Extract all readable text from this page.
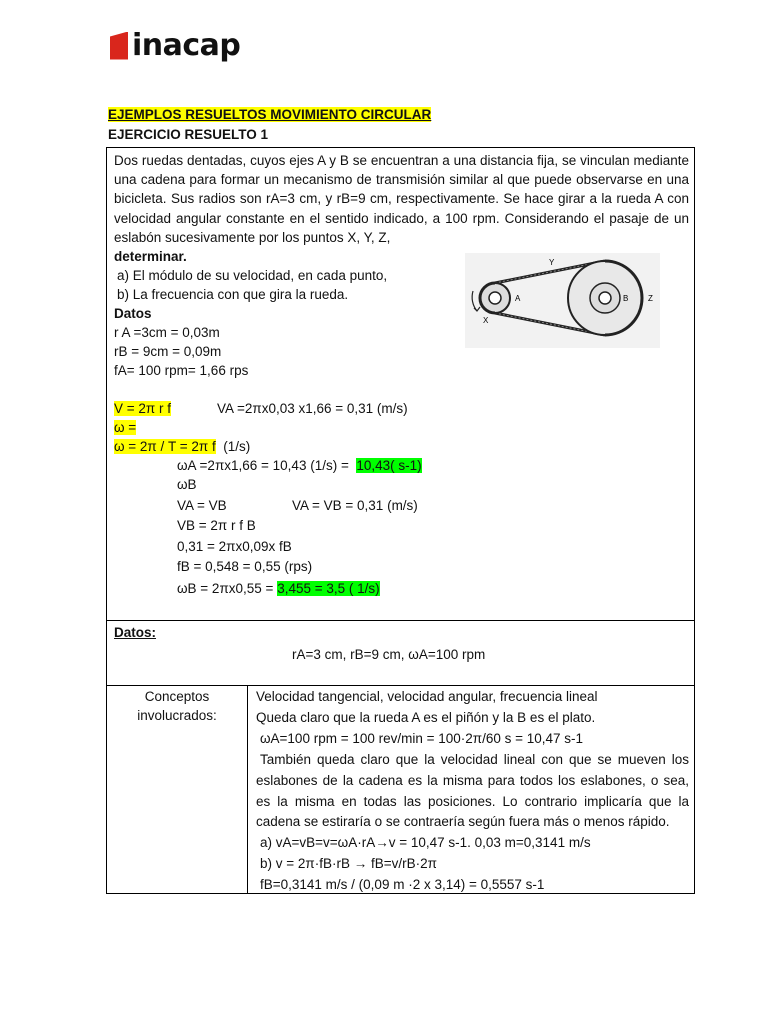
inacap
EJEMPLOS RESUELTOS MOVIMIENTO CIRCULAR
EJERCICIO RESUELTO 1
Dos ruedas dentadas, cuyos ejes A y B se encuentran a una distancia fija, se vinculan mediante una cadena para formar un mecanismo de transmisión similar al que puede observarse en una bicicleta. Sus radios son rA=3 cm, y rB=9 cm, respectivamente. Se hace girar a la rueda A con velocidad angular constante en el sentido indicado, a 100 rpm. Considerando el pasaje de un eslabón sucesivamente por los puntos X, Y, Z,
determinar.
a) El módulo de su velocidad, en cada punto,
b) La frecuencia con que gira la rueda.
Datos
r A =3cm = 0,03m
rB = 9cm = 0,09m
fA= 100 rpm= 1,66 rps
V = 2π r f	VA =2πx0,03 x1,66 = 0,31 (m/s)
ω =
ω = 2π / T = 2π f (1/s)
ωA =2πx1,66 = 10,43 (1/s) = 10,43( s-1)
ωB
VA = VB	VA = VB = 0,31 (m/s)
VB = 2π r f B
0,31 = 2πx0,09x fB
fB = 0,548 = 0,55 (rps)
ωB = 2πx0,55 = 3,455 = 3,5 ( 1/s)
Y
A	B Z
X
Datos:
rA=3 cm, rB=9 cm, ωA=100 rpm
Conceptos involucrados:
Velocidad tangencial, velocidad angular, frecuencia lineal
Queda claro que la rueda A es el piñón y la B es el plato.
ωA=100 rpm = 100 rev/min = 100·2π/60 s = 10,47 s-1
También queda claro que la velocidad lineal con que se mueven los eslabones de la cadena es la misma para todos los eslabones, o sea, es la misma en todas las posiciones. Lo contrario implicaría que la cadena se estiraría o se contraería según fuera más o menos rápido.
a) vA=vB=v=ωA·rA→v = 10,47 s-1. 0,03 m=0,3141 m/s
b) v = 2π·fB·rB → fB=v/rB·2π
fB=0,3141 m/s / (0,09 m ·2 x 3,14) = 0,5557 s-1
